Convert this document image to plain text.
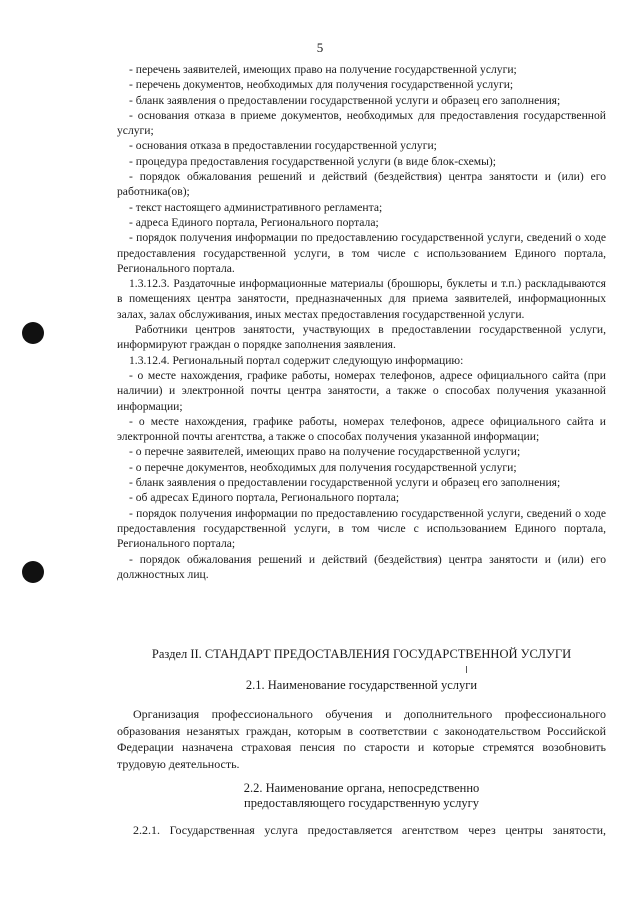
5

- перечень заявителей, имеющих право на получение государственной услуги;

- перечень документов, необходимых для получения государственной услуги;

- бланк заявления о предоставлении государственной услуги и образец его заполнения;

- основания отказа в приеме документов, необходимых для предоставления государственной услуги;

- основания отказа в предоставлении государственной услуги;

- процедура предоставления государственной услуги (в виде блок-схемы);

- порядок обжалования решений и действий (бездействия) центра занятости и (или) его работника(ов);

- текст настоящего административного регламента;

- адреса Единого портала, Регионального портала;

- порядок получения информации по предоставлению государственной услуги, сведений о ходе предоставления государственной услуги, в том числе с использованием Единого портала, Регионального портала.

1.3.12.3. Раздаточные информационные материалы (брошюры, буклеты и т.п.) раскладываются в помещениях центра занятости, предназначенных для приема заявителей, информационных залах, залах обслуживания, иных местах предоставления государственной услуги.

Работники центров занятости, участвующих в предоставлении государственной услуги, информируют граждан о порядке заполнения заявления.

1.3.12.4. Региональный портал содержит следующую информацию:

- о месте нахождения, графике работы, номерах телефонов, адресе официального сайта (при наличии) и электронной почты центра занятости, а также о способах получения указанной информации;

- о месте нахождения, графике работы, номерах телефонов, адресе официального сайта и электронной почты агентства, а также о способах получения указанной информации;

- о перечне заявителей, имеющих право на получение государственной услуги;

- о перечне документов, необходимых для получения государственной услуги;

- бланк заявления о предоставлении государственной услуги и образец его заполнения;

- об адресах Единого портала, Регионального портала;

- порядок получения информации по предоставлению государственной услуги, сведений о ходе предоставления государственной услуги, в том числе с использованием Единого портала, Регионального портала;

- порядок обжалования решений и действий (бездействия) центра занятости и (или) его должностных лиц.

Раздел II. СТАНДАРТ ПРЕДОСТАВЛЕНИЯ ГОСУДАРСТВЕННОЙ УСЛУГИ
2.1. Наименование государственной услуги

Организация профессионального обучения и дополнительного профессионального образования незанятых граждан, которым в соответствии с законодательством Российской Федерации назначена страховая пенсия по старости и которые стремятся возобновить трудовую деятельность.

2.2. Наименование органа, непосредственно
предоставляющего государственную услугу
2.2.1. Государственная услуга предоставляется агентством через центры занятости,
